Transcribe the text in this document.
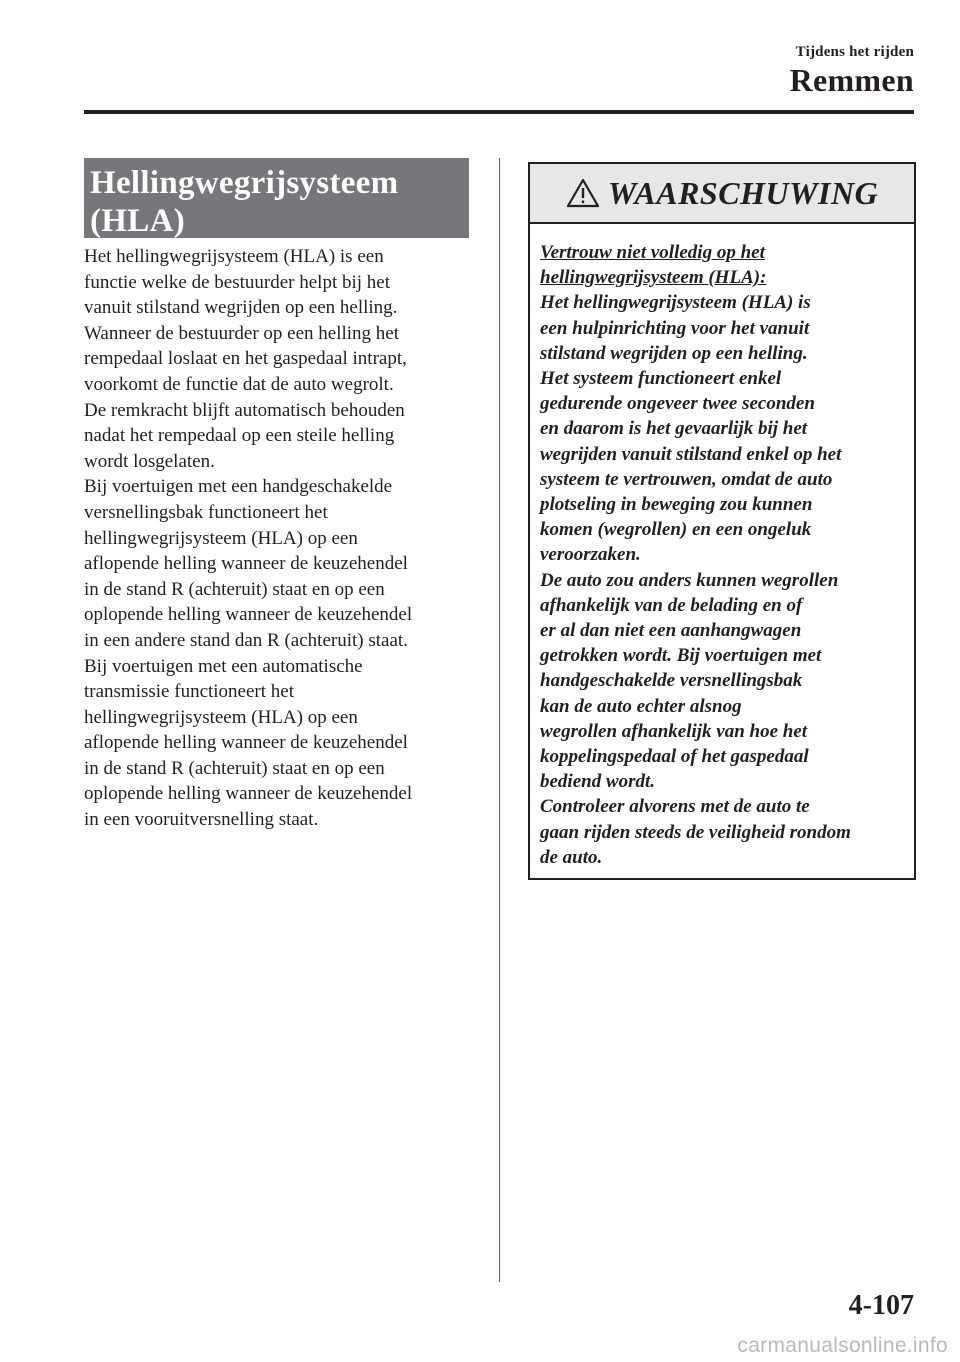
Tijdens het rijden
Remmen
Hellingwegrijsysteem
(HLA)
Het hellingwegrijsysteem (HLA) is een
functie welke de bestuurder helpt bij het
vanuit stilstand wegrijden op een helling.
Wanneer de bestuurder op een helling het
rempedaal loslaat en het gaspedaal intrapt,
voorkomt de functie dat de auto wegrolt.
De remkracht blijft automatisch behouden
nadat het rempedaal op een steile helling
wordt losgelaten.
Bij voertuigen met een handgeschakelde
versnellingsbak functioneert het
hellingwegrijsysteem (HLA) op een
aflopende helling wanneer de keuzehendel
in de stand R (achteruit) staat en op een
oplopende helling wanneer de keuzehendel
in een andere stand dan R (achteruit) staat.
Bij voertuigen met een automatische
transmissie functioneert het
hellingwegrijsysteem (HLA) op een
aflopende helling wanneer de keuzehendel
in de stand R (achteruit) staat en op een
oplopende helling wanneer de keuzehendel
in een vooruitversnelling staat.
WAARSCHUWING
Vertrouw niet volledig op het
hellingwegrijsysteem (HLA):
Het hellingwegrijsysteem (HLA) is
een hulpinrichting voor het vanuit
stilstand wegrijden op een helling.
Het systeem functioneert enkel
gedurende ongeveer twee seconden
en daarom is het gevaarlijk bij het
wegrijden vanuit stilstand enkel op het
systeem te vertrouwen, omdat de auto
plotseling in beweging zou kunnen
komen (wegrollen) en een ongeluk
veroorzaken.
De auto zou anders kunnen wegrollen
afhankelijk van de belading en of
er al dan niet een aanhangwagen
getrokken wordt. Bij voertuigen met
handgeschakelde versnellingsbak
kan de auto echter alsnog
wegrollen afhankelijk van hoe het
koppelingspedaal of het gaspedaal
bediend wordt.
Controleer alvorens met de auto te
gaan rijden steeds de veiligheid rondom
de auto.
4-107
carmanualsonline.info
